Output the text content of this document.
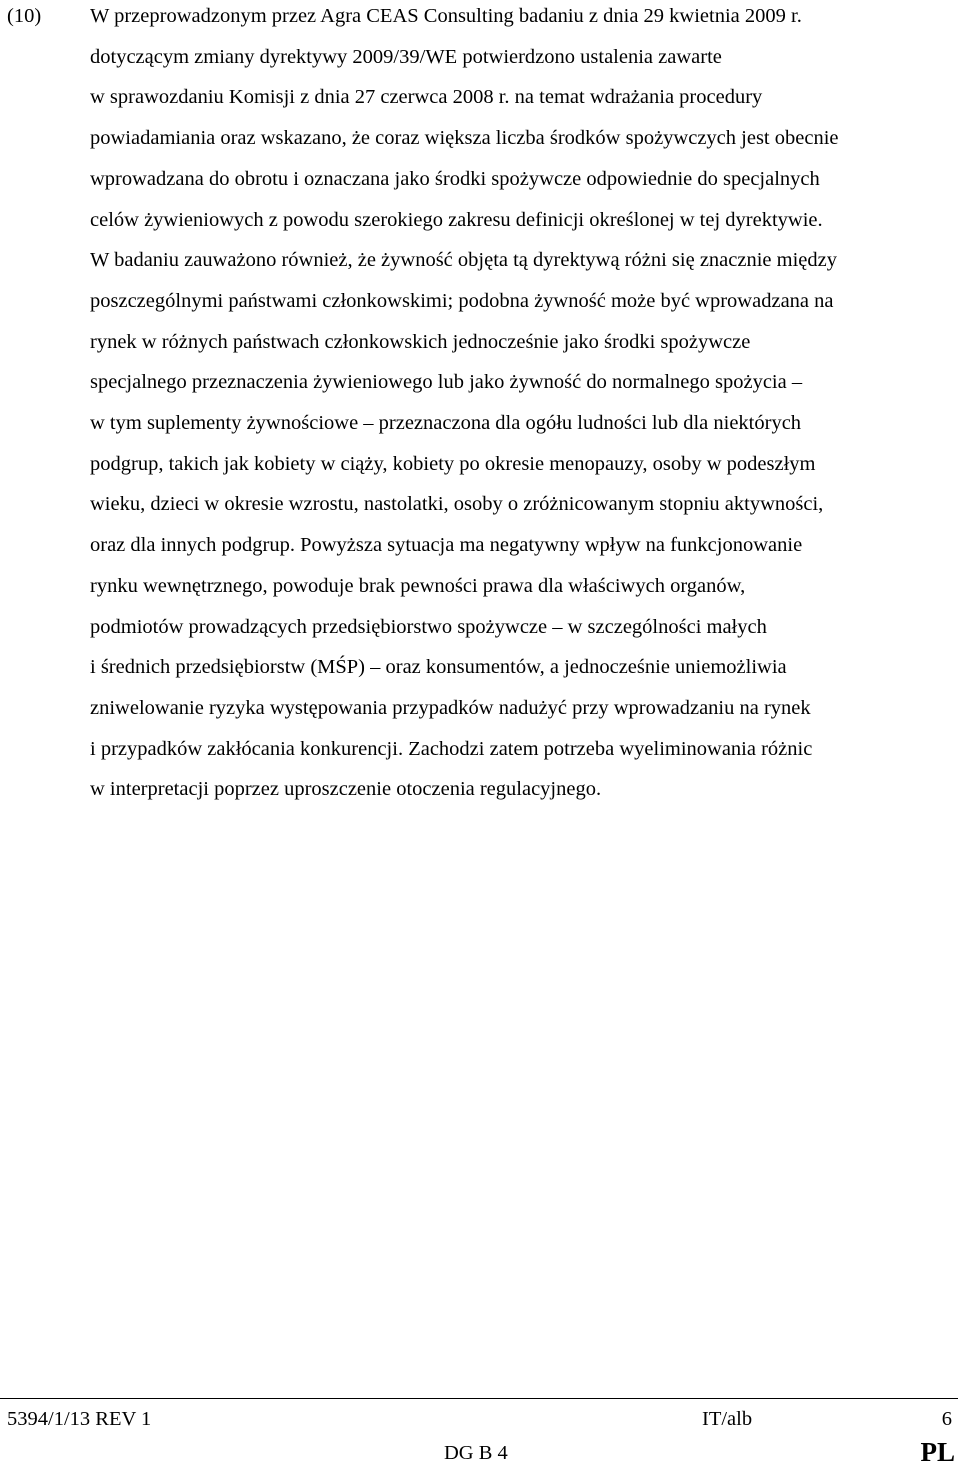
(10) W przeprowadzonym przez Agra CEAS Consulting badaniu z dnia 29 kwietnia 2009 r.
dotyczącym zmiany dyrektywy 2009/39/WE potwierdzono ustalenia zawarte
w sprawozdaniu Komisji z dnia 27 czerwca 2008 r. na temat wdrażania procedury
powiadamiania oraz wskazano, że coraz większa liczba środków spożywczych jest obecnie
wprowadzana do obrotu i oznaczana jako środki spożywcze odpowiednie do specjalnych
celów żywieniowych z powodu szerokiego zakresu definicji określonej w tej dyrektywie.
W badaniu zauważono również, że żywność objęta tą dyrektywą różni się znacznie między
poszczególnymi państwami członkowskimi; podobna żywność może być wprowadzana na
rynek w różnych państwach członkowskich jednocześnie jako środki spożywcze
specjalnego przeznaczenia żywieniowego lub jako żywność do normalnego spożycia –
w tym suplementy żywnościowe – przeznaczona dla ogółu ludności lub dla niektórych
podgrup, takich jak kobiety w ciąży, kobiety po okresie menopauzy, osoby w podeszłym
wieku, dzieci w okresie wzrostu, nastolatki, osoby o zróżnicowanym stopniu aktywności,
oraz dla innych podgrup. Powyższa sytuacja ma negatywny wpływ na funkcjonowanie
rynku wewnętrznego, powoduje brak pewności prawa dla właściwych organów,
podmiotów prowadzących przedsiębiorstwo spożywcze – w szczególności małych
i średnich przedsiębiorstw (MŚP) – oraz konsumentów, a jednocześnie uniemożliwia
zniwelowanie ryzyka występowania przypadków nadużyć przy wprowadzaniu na rynek
i przypadków zakłócania konkurencji. Zachodzi zatem potrzeba wyeliminowania różnic
w interpretacji poprzez uproszczenie otoczenia regulacyjnego.
5394/1/13 REV 1	IT/alb	6
DG B 4	PL
